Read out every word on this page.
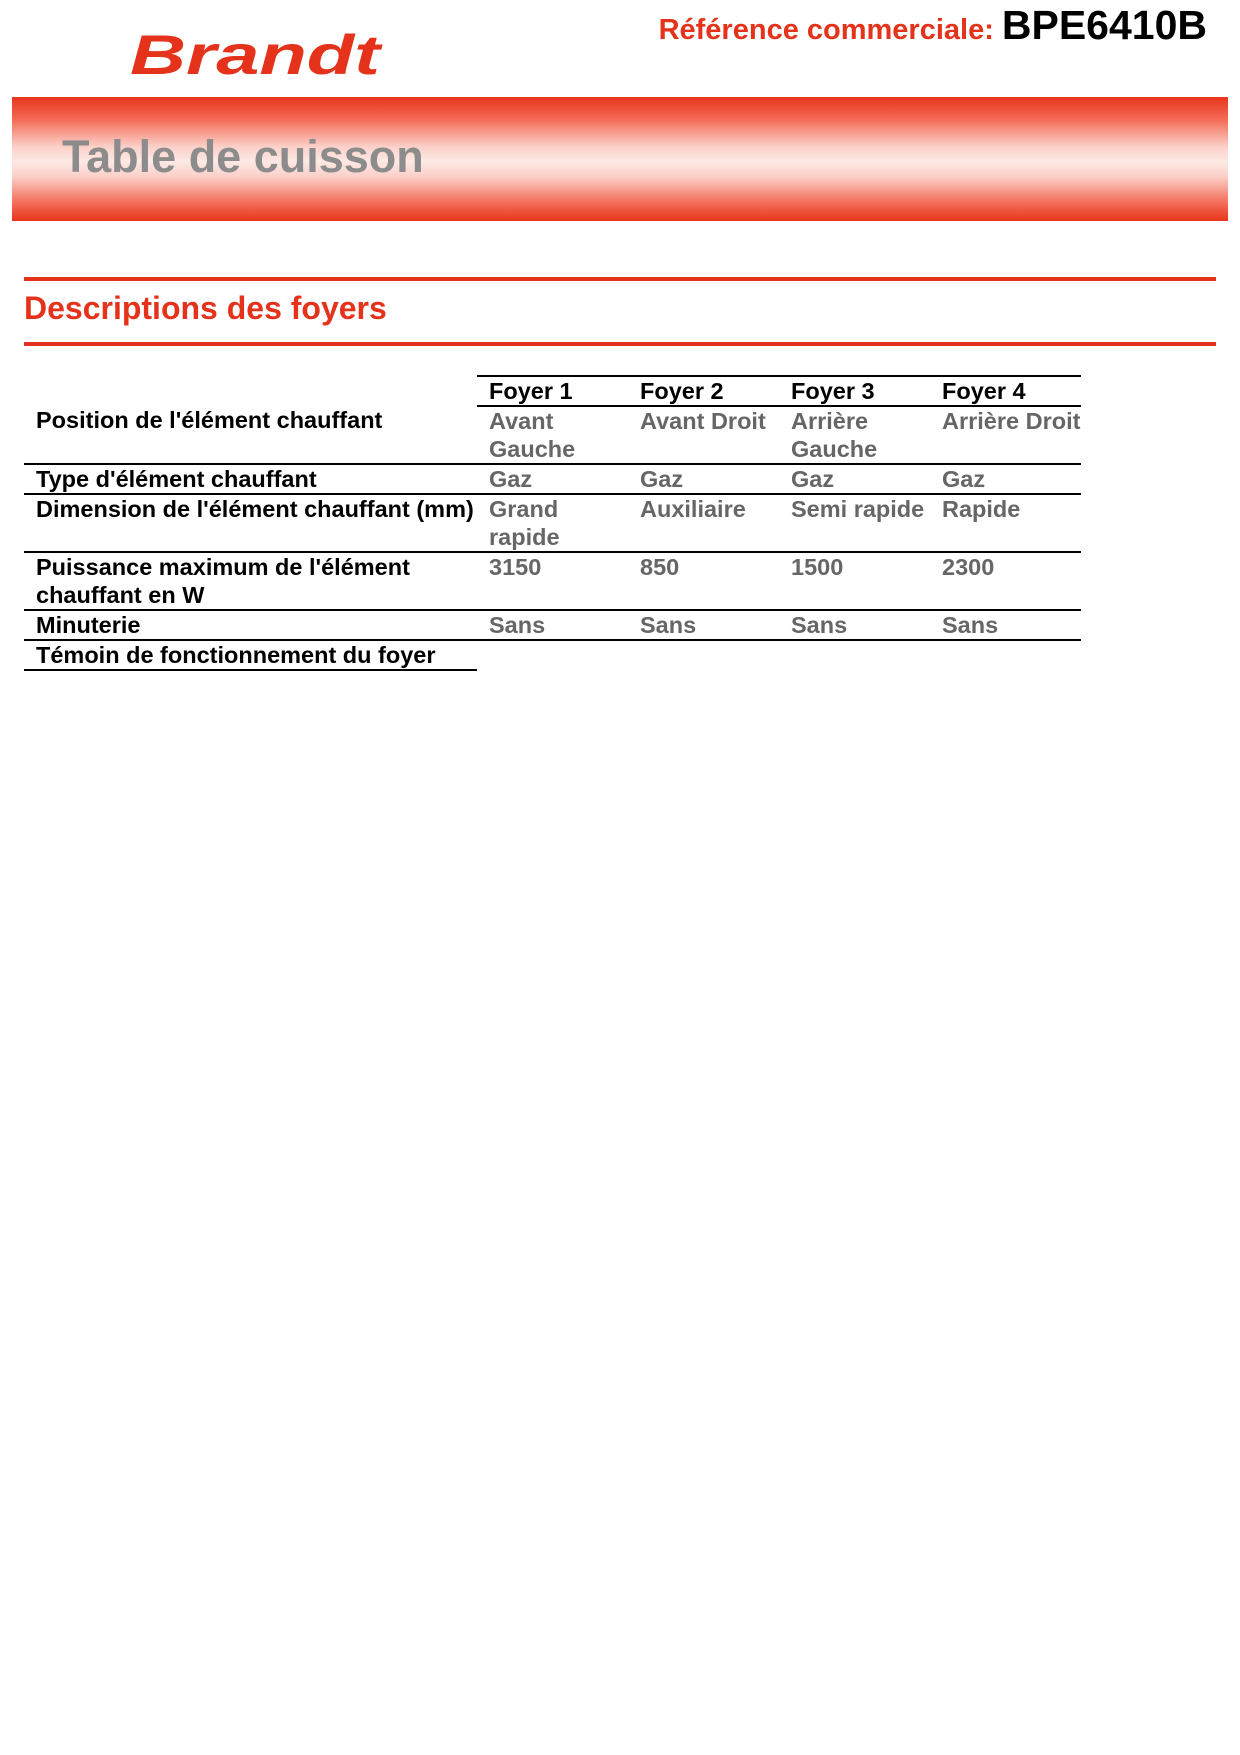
Brandt	Référence commerciale: BPE6410B
Table de cuisson
Descriptions des foyers
	Foyer 1	Foyer 2	Foyer 3	Foyer 4
Position de l'élément chauffant	Avant Gauche	Avant Droit	Arrière Gauche	Arrière Droit
Type d'élément chauffant	Gaz	Gaz	Gaz	Gaz
Dimension de l'élément chauffant (mm)	Grand rapide	Auxiliaire	Semi rapide	Rapide
Puissance maximum de l'élément chauffant en W	3150	850	1500	2300
Minuterie	Sans	Sans	Sans	Sans
Témoin de fonctionnement du foyer				
